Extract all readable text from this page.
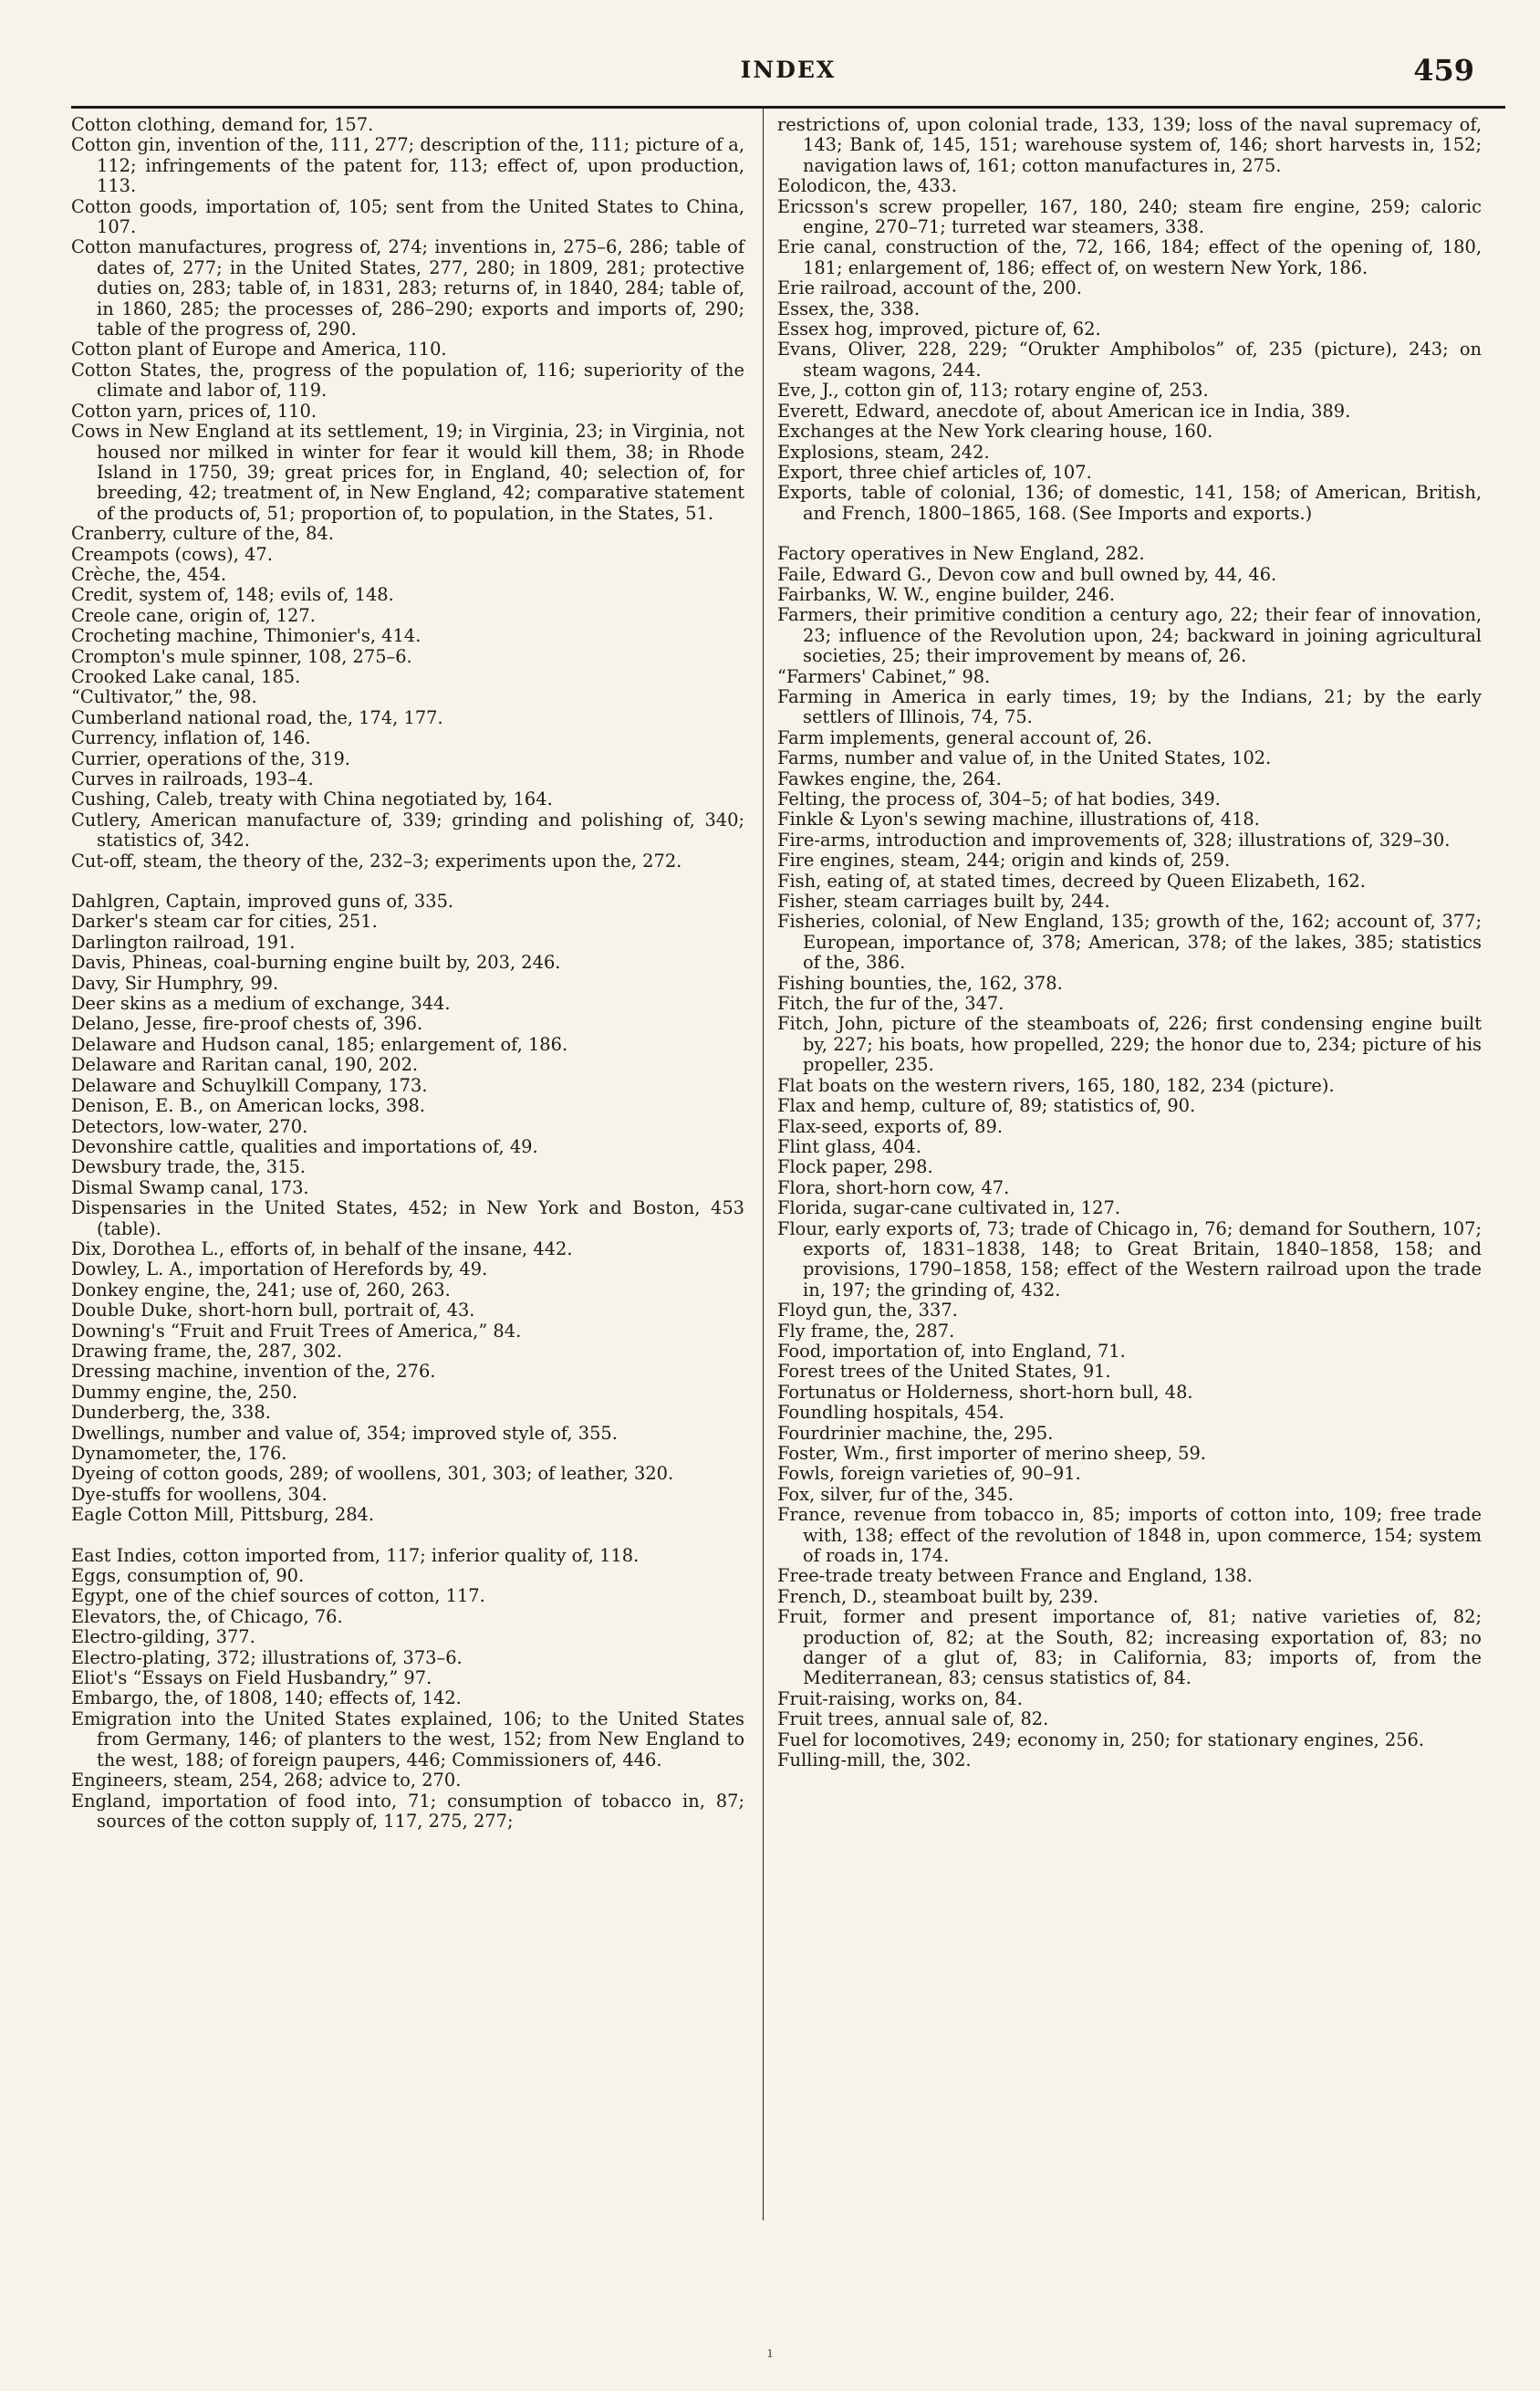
INDEX	459
Cotton clothing, demand for, 157.
Cotton gin, invention of the, 111, 277; description of the, 111; picture of a, 112; infringements of the patent for, 113; effect of, upon production, 113.
Cotton goods, importation of, 105; sent from the United States to China, 107.
Cotton manufactures, progress of, 274; inventions in, 275–6, 286; table of dates of, 277; in the United States, 277, 280; in 1809, 281; protective duties on, 283; table of, in 1831, 283; returns of, in 1840, 284; table of, in 1860, 285; the processes of, 286–290; exports and imports of, 290; table of the progress of, 290.
Cotton plant of Europe and America, 110.
Cotton States, the, progress of the population of, 116; superiority of the climate and labor of, 119.
Cotton yarn, prices of, 110.
Cows in New England at its settlement, 19; in Virginia, 23; in Virginia, not housed nor milked in winter for fear it would kill them, 38; in Rhode Island in 1750, 39; great prices for, in England, 40; selection of, for breeding, 42; treatment of, in New England, 42; comparative statement of the products of, 51; proportion of, to population, in the States, 51.
Cranberry, culture of the, 84.
Creampots (cows), 47.
Crèche, the, 454.
Credit, system of, 148; evils of, 148.
Creole cane, origin of, 127.
Crocheting machine, Thimonier's, 414.
Crompton's mule spinner, 108, 275–6.
Crooked Lake canal, 185.
“Cultivator,” the, 98.
Cumberland national road, the, 174, 177.
Currency, inflation of, 146.
Currier, operations of the, 319.
Curves in railroads, 193–4.
Cushing, Caleb, treaty with China negotiated by, 164.
Cutlery, American manufacture of, 339; grinding and polishing of, 340; statistics of, 342.
Cut-off, steam, the theory of the, 232–3; experiments upon the, 272.
Dahlgren, Captain, improved guns of, 335.
Darker's steam car for cities, 251.
Darlington railroad, 191.
Davis, Phineas, coal-burning engine built by, 203, 246.
Davy, Sir Humphry, 99.
Deer skins as a medium of exchange, 344.
Delano, Jesse, fire-proof chests of, 396.
Delaware and Hudson canal, 185; enlargement of, 186.
Delaware and Raritan canal, 190, 202.
Delaware and Schuylkill Company, 173.
Denison, E. B., on American locks, 398.
Detectors, low-water, 270.
Devonshire cattle, qualities and importations of, 49.
Dewsbury trade, the, 315.
Dismal Swamp canal, 173.
Dispensaries in the United States, 452; in New York and Boston, 453 (table).
Dix, Dorothea L., efforts of, in behalf of the insane, 442.
Dowley, L. A., importation of Herefords by, 49.
Donkey engine, the, 241; use of, 260, 263.
Double Duke, short-horn bull, portrait of, 43.
Downing's “Fruit and Fruit Trees of America,” 84.
Drawing frame, the, 287, 302.
Dressing machine, invention of the, 276.
Dummy engine, the, 250.
Dunderberg, the, 338.
Dwellings, number and value of, 354; improved style of, 355.
Dynamometer, the, 176.
Dyeing of cotton goods, 289; of woollens, 301, 303; of leather, 320.
Dye-stuffs for woollens, 304.
Eagle Cotton Mill, Pittsburg, 284.
East Indies, cotton imported from, 117; inferior quality of, 118.
Eggs, consumption of, 90.
Egypt, one of the chief sources of cotton, 117.
Elevators, the, of Chicago, 76.
Electro-gilding, 377.
Electro-plating, 372; illustrations of, 373–6.
Eliot's “Essays on Field Husbandry,” 97.
Embargo, the, of 1808, 140; effects of, 142.
Emigration into the United States explained, 106; to the United States from Germany, 146; of planters to the west, 152; from New England to the west, 188; of foreign paupers, 446; Commissioners of, 446.
Engineers, steam, 254, 268; advice to, 270.
England, importation of food into, 71; consumption of tobacco in, 87; sources of the cotton supply of, 117, 275, 277;
restrictions of, upon colonial trade, 133, 139; loss of the naval supremacy of, 143; Bank of, 145, 151; warehouse system of, 146; short harvests in, 152; navigation laws of, 161; cotton manufactures in, 275.
Eolodicon, the, 433.
Ericsson's screw propeller, 167, 180, 240; steam fire engine, 259; caloric engine, 270–71; turreted war steamers, 338.
Erie canal, construction of the, 72, 166, 184; effect of the opening of, 180, 181; enlargement of, 186; effect of, on western New York, 186.
Erie railroad, account of the, 200.
Essex, the, 338.
Essex hog, improved, picture of, 62.
Evans, Oliver, 228, 229; “Orukter Amphibolos” of, 235 (picture), 243; on steam wagons, 244.
Eve, J., cotton gin of, 113; rotary engine of, 253.
Everett, Edward, anecdote of, about American ice in India, 389.
Exchanges at the New York clearing house, 160.
Explosions, steam, 242.
Export, three chief articles of, 107.
Exports, table of colonial, 136; of domestic, 141, 158; of American, British, and French, 1800–1865, 168. (See Imports and exports.)
Factory operatives in New England, 282.
Faile, Edward G., Devon cow and bull owned by, 44, 46.
Fairbanks, W. W., engine builder, 246.
Farmers, their primitive condition a century ago, 22; their fear of innovation, 23; influence of the Revolution upon, 24; backward in joining agricultural societies, 25; their improvement by means of, 26.
“Farmers' Cabinet,” 98.
Farming in America in early times, 19; by the Indians, 21; by the early settlers of Illinois, 74, 75.
Farm implements, general account of, 26.
Farms, number and value of, in the United States, 102.
Fawkes engine, the, 264.
Felting, the process of, 304–5; of hat bodies, 349.
Finkle & Lyon's sewing machine, illustrations of, 418.
Fire-arms, introduction and improvements of, 328; illustrations of, 329–30.
Fire engines, steam, 244; origin and kinds of, 259.
Fish, eating of, at stated times, decreed by Queen Elizabeth, 162.
Fisher, steam carriages built by, 244.
Fisheries, colonial, of New England, 135; growth of the, 162; account of, 377; European, importance of, 378; American, 378; of the lakes, 385; statistics of the, 386.
Fishing bounties, the, 162, 378.
Fitch, the fur of the, 347.
Fitch, John, picture of the steamboats of, 226; first condensing engine built by, 227; his boats, how propelled, 229; the honor due to, 234; picture of his propeller, 235.
Flat boats on the western rivers, 165, 180, 182, 234 (picture).
Flax and hemp, culture of, 89; statistics of, 90.
Flax-seed, exports of, 89.
Flint glass, 404.
Flock paper, 298.
Flora, short-horn cow, 47.
Florida, sugar-cane cultivated in, 127.
Flour, early exports of, 73; trade of Chicago in, 76; demand for Southern, 107; exports of, 1831–1838, 148; to Great Britain, 1840–1858, 158; and provisions, 1790–1858, 158; effect of the Western railroad upon the trade in, 197; the grinding of, 432.
Floyd gun, the, 337.
Fly frame, the, 287.
Food, importation of, into England, 71.
Forest trees of the United States, 91.
Fortunatus or Holderness, short-horn bull, 48.
Foundling hospitals, 454.
Fourdrinier machine, the, 295.
Foster, Wm., first importer of merino sheep, 59.
Fowls, foreign varieties of, 90–91.
Fox, silver, fur of the, 345.
France, revenue from tobacco in, 85; imports of cotton into, 109; free trade with, 138; effect of the revolution of 1848 in, upon commerce, 154; system of roads in, 174.
Free-trade treaty between France and England, 138.
French, D., steamboat built by, 239.
Fruit, former and present importance of, 81; native varieties of, 82; production of, 82; at the South, 82; increasing exportation of, 83; no danger of a glut of, 83; in California, 83; imports of, from the Mediterranean, 83; census statistics of, 84.
Fruit-raising, works on, 84.
Fruit trees, annual sale of, 82.
Fuel for locomotives, 249; economy in, 250; for stationary engines, 256.
Fulling-mill, the, 302.
ı
